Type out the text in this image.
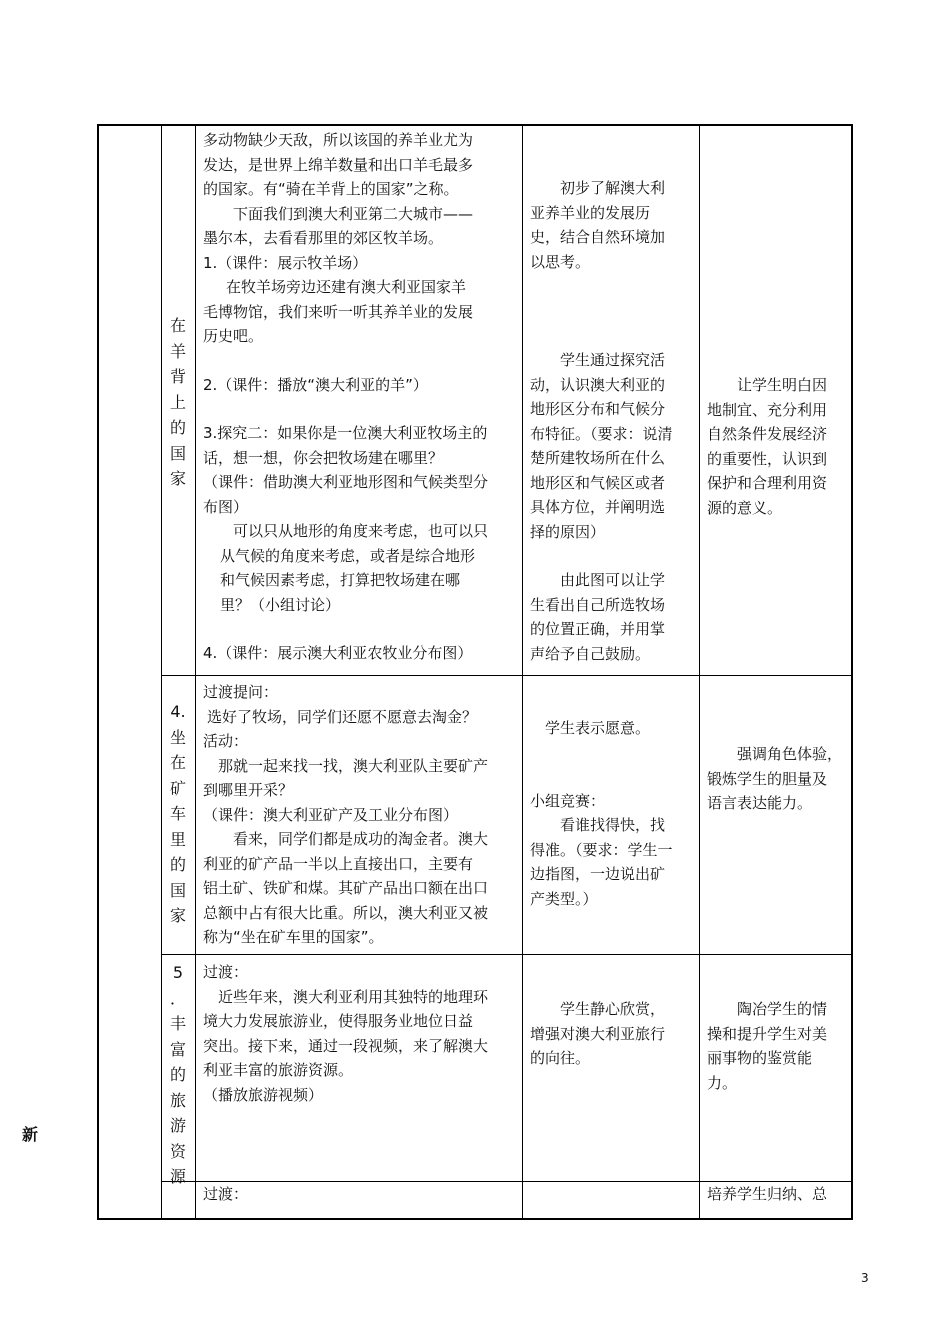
新
在
羊
背
上
的
国
家

多动物缺少天敌，所以该国的养羊业尤为

发达，是世界上绵羊数量和出口羊毛最多

的国家。有“骑在羊背上的国家”之称。

下面我们到澳大利亚第二大城市——

墨尔本，去看看那里的郊区牧羊场。

1.（课件：展示牧羊场）

在牧羊场旁边还建有澳大利亚国家羊

毛博物馆，我们来听一听其养羊业的发展

历史吧。

2.（课件：播放“澳大利亚的羊”）

3.探究二：如果你是一位澳大利亚牧场主的

话，想一想，你会把牧场建在哪里？

（课件：借助澳大利亚地形图和气候类型分

布图）

可以只从地形的角度来考虑，也可以只

从气候的角度来考虑，或者是综合地形

和气候因素考虑，打算把牧场建在哪

里？（小组讨论）

4.（课件：展示澳大利亚农牧业分布图）

初步了解澳大利

亚养羊业的发展历

史，结合自然环境加

以思考。

学生通过探究活

动，认识澳大利亚的

地形区分布和气候分

布特征。（要求：说清

楚所建牧场所在什么

地形区和气候区或者

具体方位，并阐明选

择的原因）

由此图可以让学

生看出自己所选牧场

的位置正确，并用掌

声给予自己鼓励。

让学生明白因

地制宜、充分利用

自然条件发展经济

的重要性，认识到

保护和合理利用资

源的意义。

4.
坐
在
矿
车
里
的
国
家

过渡提问：

选好了牧场，同学们还愿不愿意去淘金？

活动：

那就一起来找一找，澳大利亚队主要矿产

到哪里开采？

（课件：澳大利亚矿产及工业分布图）

看来，同学们都是成功的淘金者。澳大

利亚的矿产品一半以上直接出口，主要有

铝土矿、铁矿和煤。其矿产品出口额在出口

总额中占有很大比重。所以，澳大利亚又被

称为“坐在矿车里的国家”。

学生表示愿意。

小组竞赛：

看谁找得快，找

得准。（要求：学生一

边指图，一边说出矿

产类型。）

强调角色体验，

锻炼学生的胆量及

语言表达能力。

5
．
丰
富
的
旅
游
资
源

过渡：

近些年来，澳大利亚利用其独特的地理环

境大力发展旅游业，使得服务业地位日益

突出。接下来，通过一段视频，来了解澳大

利亚丰富的旅游资源。

（播放旅游视频）

学生静心欣赏，

增强对澳大利亚旅行

的向往。

陶冶学生的情

操和提升学生对美

丽事物的鉴赏能

力。

过渡：	培养学生归纳、总

3
